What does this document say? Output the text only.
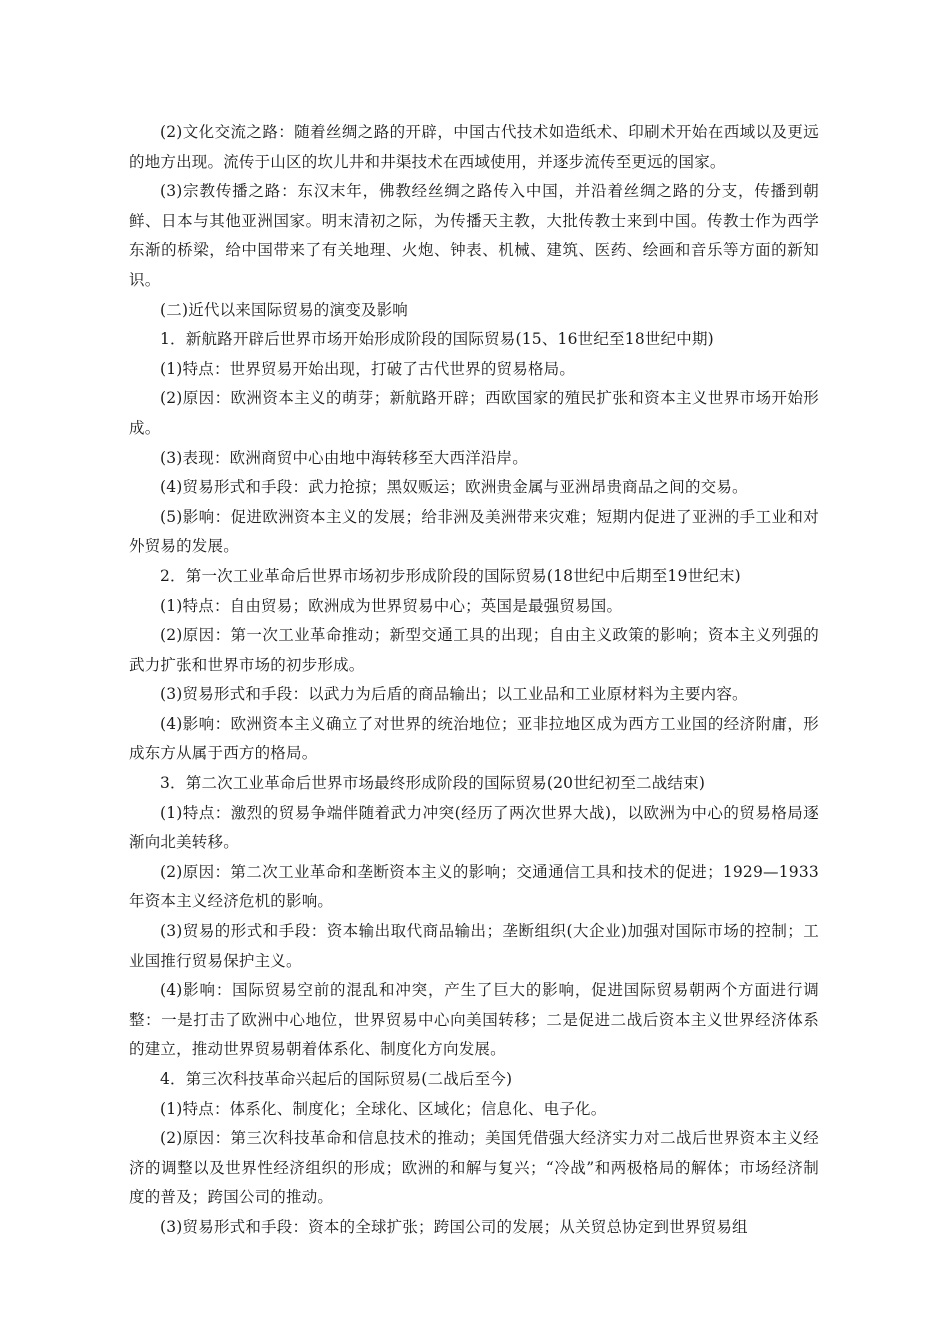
(2)文化交流之路：随着丝绸之路的开辟，中国古代技术如造纸术、印刷术开始在西域以及更远的地方出现。流传于山区的坎儿井和井渠技术在西域使用，并逐步流传至更远的国家。

(3)宗教传播之路：东汉末年，佛教经丝绸之路传入中国，并沿着丝绸之路的分支，传播到朝鲜、日本与其他亚洲国家。明末清初之际，为传播天主教，大批传教士来到中国。传教士作为西学东渐的桥梁，给中国带来了有关地理、火炮、钟表、机械、建筑、医药、绘画和音乐等方面的新知识。

(二)近代以来国际贸易的演变及影响

1．新航路开辟后世界市场开始形成阶段的国际贸易(15、16世纪至18世纪中期)

(1)特点：世界贸易开始出现，打破了古代世界的贸易格局。

(2)原因：欧洲资本主义的萌芽；新航路开辟；西欧国家的殖民扩张和资本主义世界市场开始形成。

(3)表现：欧洲商贸中心由地中海转移至大西洋沿岸。

(4)贸易形式和手段：武力抢掠；黑奴贩运；欧洲贵金属与亚洲昂贵商品之间的交易。

(5)影响：促进欧洲资本主义的发展；给非洲及美洲带来灾难；短期内促进了亚洲的手工业和对外贸易的发展。

2．第一次工业革命后世界市场初步形成阶段的国际贸易(18世纪中后期至19世纪末)

(1)特点：自由贸易；欧洲成为世界贸易中心；英国是最强贸易国。

(2)原因：第一次工业革命推动；新型交通工具的出现；自由主义政策的影响；资本主义列强的武力扩张和世界市场的初步形成。

(3)贸易形式和手段：以武力为后盾的商品输出；以工业品和工业原材料为主要内容。

(4)影响：欧洲资本主义确立了对世界的统治地位；亚非拉地区成为西方工业国的经济附庸，形成东方从属于西方的格局。

3．第二次工业革命后世界市场最终形成阶段的国际贸易(20世纪初至二战结束)

(1)特点：激烈的贸易争端伴随着武力冲突(经历了两次世界大战)，以欧洲为中心的贸易格局逐渐向北美转移。

(2)原因：第二次工业革命和垄断资本主义的影响；交通通信工具和技术的促进；1929—1933年资本主义经济危机的影响。

(3)贸易的形式和手段：资本输出取代商品输出；垄断组织(大企业)加强对国际市场的控制；工业国推行贸易保护主义。

(4)影响：国际贸易空前的混乱和冲突，产生了巨大的影响，促进国际贸易朝两个方面进行调整：一是打击了欧洲中心地位，世界贸易中心向美国转移；二是促进二战后资本主义世界经济体系的建立，推动世界贸易朝着体系化、制度化方向发展。

4．第三次科技革命兴起后的国际贸易(二战后至今)

(1)特点：体系化、制度化；全球化、区域化；信息化、电子化。

(2)原因：第三次科技革命和信息技术的推动；美国凭借强大经济实力对二战后世界资本主义经济的调整以及世界性经济组织的形成；欧洲的和解与复兴；“冷战”和两极格局的解体；市场经济制度的普及；跨国公司的推动。

(3)贸易形式和手段：资本的全球扩张；跨国公司的发展；从关贸总协定到世界贸易组
